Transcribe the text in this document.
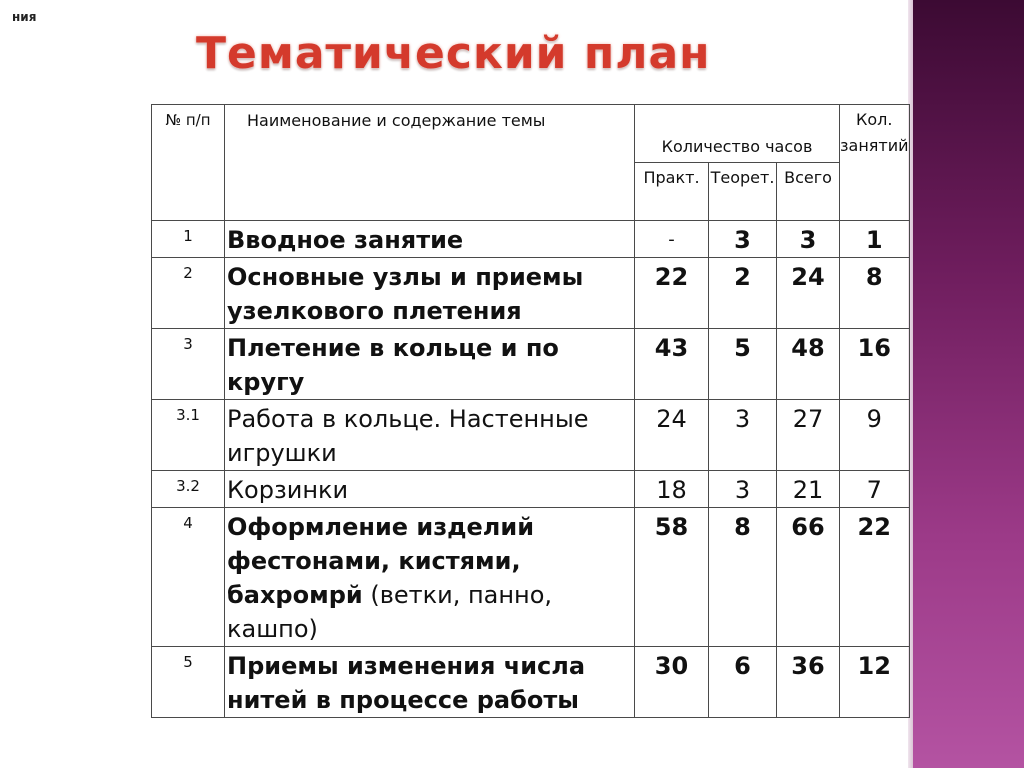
ния
Тематический план
№ п/п	Наименование и содержание темы	Количество часов			Кол. занятий
		Практ.	Теорет.	Всего	
1	Вводное занятие	-	3	3	1
2	Основные узлы и приемы узелкового плетения	22	2	24	8
3	Плетение в кольце и по кругу	43	5	48	16
3.1	Работа в кольце. Настенные игрушки	24	3	27	9
3.2	Корзинки	18	3	21	7
4	Оформление изделий фестонами, кистями, бахромрй (ветки, панно, кашпо)	58	8	66	22
5	Приемы изменения числа нитей в процессе работы	30	6	36	12
